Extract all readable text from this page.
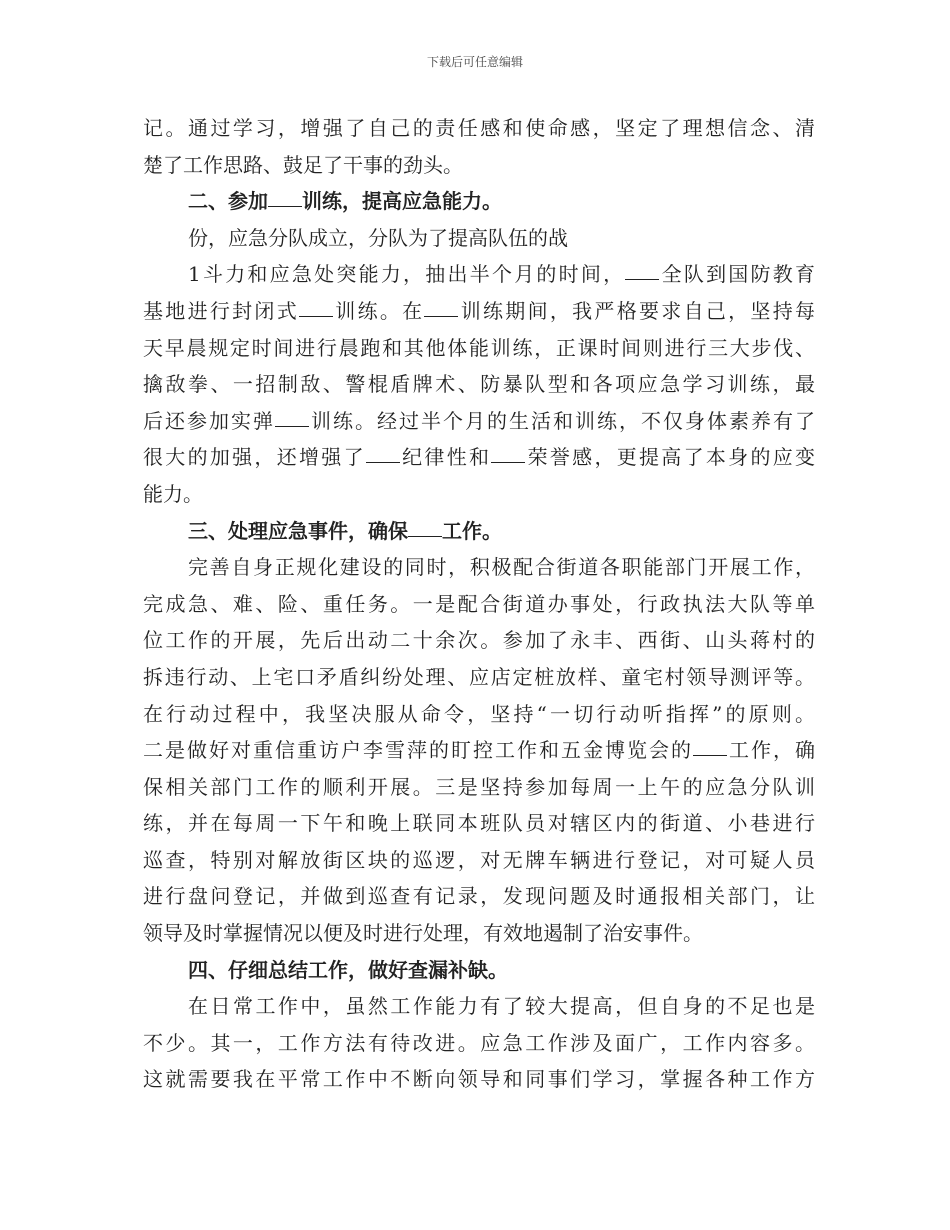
下载后可任意编辑
记。通过学习，增强了自己的责任感和使命感，坚定了理想信念、清
楚了工作思路、鼓足了干事的劲头。
二、参加 训练，提高应急能力。
份，应急分队成立，分队为了提高队伍的战
1斗力和应急处突能力，抽出半个月的时间， 全队到国防教育
基地进行封闭式 训练。在 训练期间，我严格要求自己，坚持每
天早晨规定时间进行晨跑和其他体能训练，正课时间则进行三大步伐、
擒敌拳、一招制敌、警棍盾牌术、防暴队型和各项应急学习训练，最
后还参加实弹 训练。经过半个月的生活和训练，不仅身体素养有了
很大的加强，还增强了 纪律性和 荣誉感，更提高了本身的应变
能力。
三、处理应急事件，确保 工作。
完善自身正规化建设的同时，积极配合街道各职能部门开展工作，
完成急、难、险、重任务。一是配合街道办事处，行政执法大队等单
位工作的开展，先后出动二十余次。参加了永丰、西街、山头蒋村的
拆违行动、上宅口矛盾纠纷处理、应店定桩放样、童宅村领导测评等。
在行动过程中，我坚决服从命令，坚持“一切行动听指挥”的原则。
二是做好对重信重访户李雪萍的盯控工作和五金博览会的 工作，确
保相关部门工作的顺利开展。三是坚持参加每周一上午的应急分队训
练，并在每周一下午和晚上联同本班队员对辖区内的街道、小巷进行
巡查，特别对解放街区块的巡逻，对无牌车辆进行登记，对可疑人员
进行盘问登记，并做到巡查有记录，发现问题及时通报相关部门，让
领导及时掌握情况以便及时进行处理，有效地遏制了治安事件。
四、仔细总结工作，做好查漏补缺。
在日常工作中，虽然工作能力有了较大提高，但自身的不足也是
不少。其一，工作方法有待改进。应急工作涉及面广，工作内容多。
这就需要我在平常工作中不断向领导和同事们学习，掌握各种工作方
